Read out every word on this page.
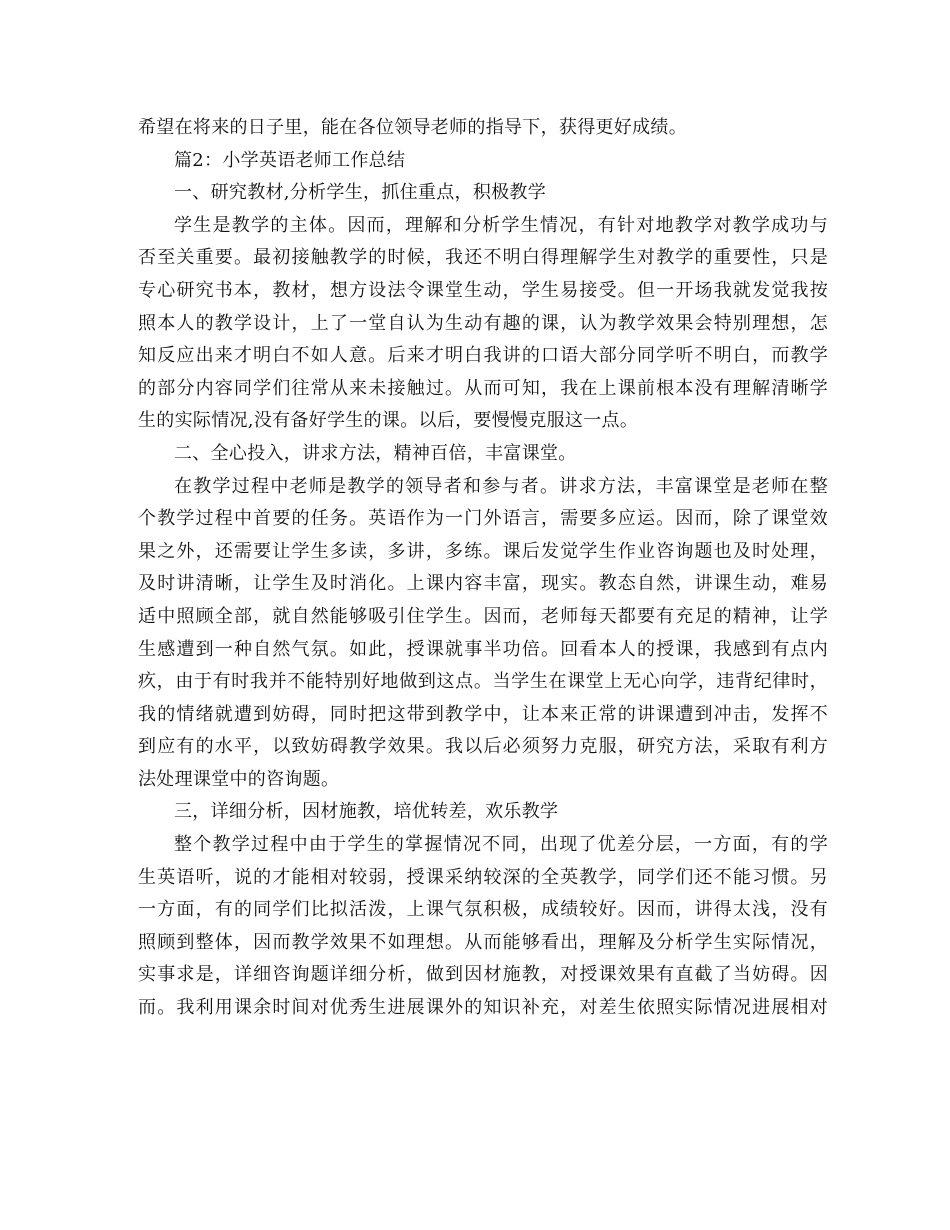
希望在将来的日子里，能在各位领导老师的指导下，获得更好成绩。
篇2：小学英语老师工作总结
一、研究教材,分析学生，抓住重点，积极教学
学生是教学的主体。因而，理解和分析学生情况，有针对地教学对教学成功与
否至关重要。最初接触教学的时候，我还不明白得理解学生对教学的重要性，只是
专心研究书本，教材，想方设法令课堂生动，学生易接受。但一开场我就发觉我按
照本人的教学设计，上了一堂自认为生动有趣的课，认为教学效果会特别理想，怎
知反应出来才明白不如人意。后来才明白我讲的口语大部分同学听不明白，而教学
的部分内容同学们往常从来未接触过。从而可知，我在上课前根本没有理解清晰学
生的实际情况,没有备好学生的课。以后，要慢慢克服这一点。
二、全心投入，讲求方法，精神百倍，丰富课堂。
在教学过程中老师是教学的领导者和参与者。讲求方法，丰富课堂是老师在整
个教学过程中首要的任务。英语作为一门外语言，需要多应运。因而，除了课堂效
果之外，还需要让学生多读，多讲，多练。课后发觉学生作业咨询题也及时处理，
及时讲清晰，让学生及时消化。上课内容丰富，现实。教态自然，讲课生动，难易
适中照顾全部，就自然能够吸引住学生。因而，老师每天都要有充足的精神，让学
生感遭到一种自然气氛。如此，授课就事半功倍。回看本人的授课，我感到有点内
疚，由于有时我并不能特别好地做到这点。当学生在课堂上无心向学，违背纪律时，
我的情绪就遭到妨碍，同时把这带到教学中，让本来正常的讲课遭到冲击，发挥不
到应有的水平，以致妨碍教学效果。我以后必须努力克服，研究方法，采取有利方
法处理课堂中的咨询题。
三，详细分析，因材施教，培优转差，欢乐教学
整个教学过程中由于学生的掌握情况不同，出现了优差分层，一方面，有的学
生英语听，说的才能相对较弱，授课采纳较深的全英教学，同学们还不能习惯。另
一方面，有的同学们比拟活泼，上课气氛积极，成绩较好。因而，讲得太浅，没有
照顾到整体，因而教学效果不如理想。从而能够看出，理解及分析学生实际情况，
实事求是，详细咨询题详细分析，做到因材施教，对授课效果有直截了当妨碍。因
而。我利用课余时间对优秀生进展课外的知识补充，对差生依照实际情况进展相对
